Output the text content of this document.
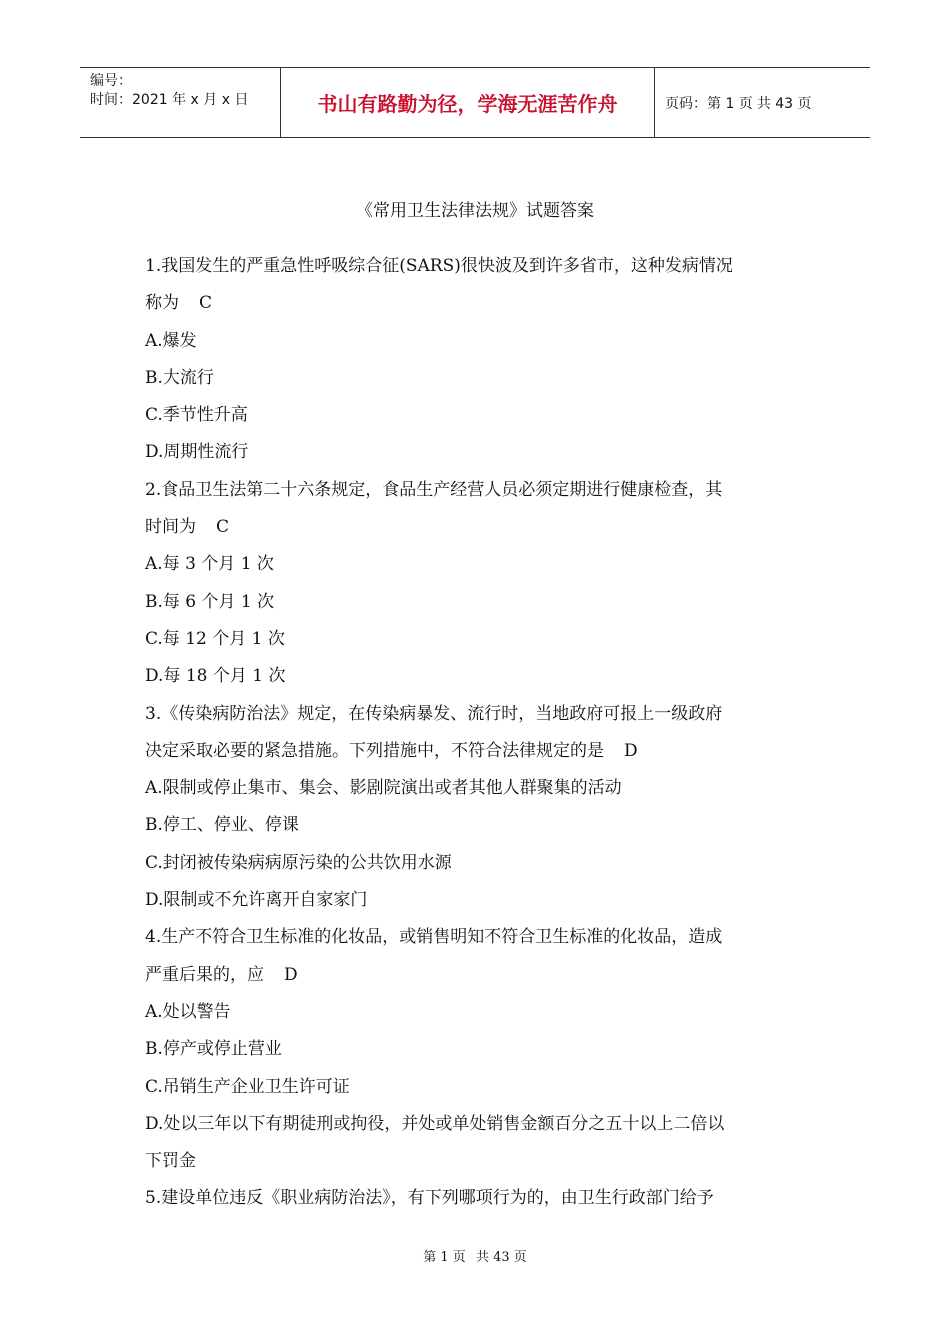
编号：
时间：2021 年 x 月 x 日	书山有路勤为径，学海无涯苦作舟	页码：第 1 页 共 43 页
《常用卫生法律法规》试题答案
1.我国发生的严重急性呼吸综合征(SARS)很快波及到许多省市，这种发病情况
称为 C
A.爆发
B.大流行
C.季节性升高
D.周期性流行
2.食品卫生法第二十六条规定，食品生产经营人员必须定期进行健康检查，其
时间为 C
A.每 3 个月 1 次
B.每 6 个月 1 次
C.每 12 个月 1 次
D.每 18 个月 1 次
3.《传染病防治法》规定，在传染病暴发、流行时，当地政府可报上一级政府
决定采取必要的紧急措施。下列措施中，不符合法律规定的是 D
A.限制或停止集市、集会、影剧院演出或者其他人群聚集的活动
B.停工、停业、停课
C.封闭被传染病病原污染的公共饮用水源
D.限制或不允许离开自家家门
4.生产不符合卫生标准的化妆品，或销售明知不符合卫生标准的化妆品，造成
严重后果的，应 D
A.处以警告
B.停产或停止营业
C.吊销生产企业卫生许可证
D.处以三年以下有期徒刑或拘役，并处或单处销售金额百分之五十以上二倍以
下罚金
5.建设单位违反《职业病防治法》，有下列哪项行为的，由卫生行政部门给予
第 1 页 共 43 页
